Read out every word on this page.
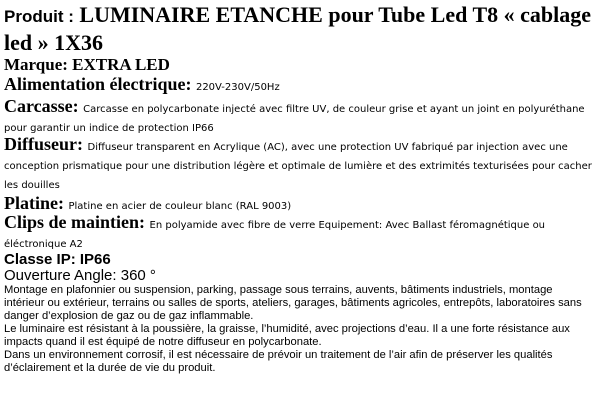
Produit : LUMINAIRE ETANCHE pour Tube Led T8 « cablage led » 1X36

Marque: EXTRA LED

Alimentation électrique: 220V-230V/50Hz

Carcasse: Carcasse en polycarbonate injecté avec filtre UV, de couleur grise et ayant un joint en polyuréthane pour garantir un indice de protection IP66

Diffuseur: Diffuseur transparent en Acrylique (AC), avec une protection UV fabriqué par injection avec une conception prismatique pour une distribution légère et optimale de lumière et des extrimités texturisées pour cacher les douilles

Platine: Platine en acier de couleur blanc (RAL 9003)

Clips de maintien: En polyamide avec fibre de verre Equipement: Avec Ballast féromagnétique ou éléctronique A2

Classe IP: IP66

Ouverture Angle: 360 °

Montage en plafonnier ou suspension, parking, passage sous terrains, auvents, bâtiments industriels, montage intérieur ou extérieur, terrains ou salles de sports, ateliers, garages, bâtiments agricoles, entrepôts, laboratoires sans danger d’explosion de gaz ou de gaz inflammable.

Le luminaire est résistant à la poussière, la graisse, l’humidité, avec projections d’eau. Il a une forte résistance aux impacts quand il est équipé de notre diffuseur en polycarbonate.

Dans un environnement corrosif, il est nécessaire de prévoir un traitement de l’air afin de préserver les qualités d’éclairement et la durée de vie du produit.
